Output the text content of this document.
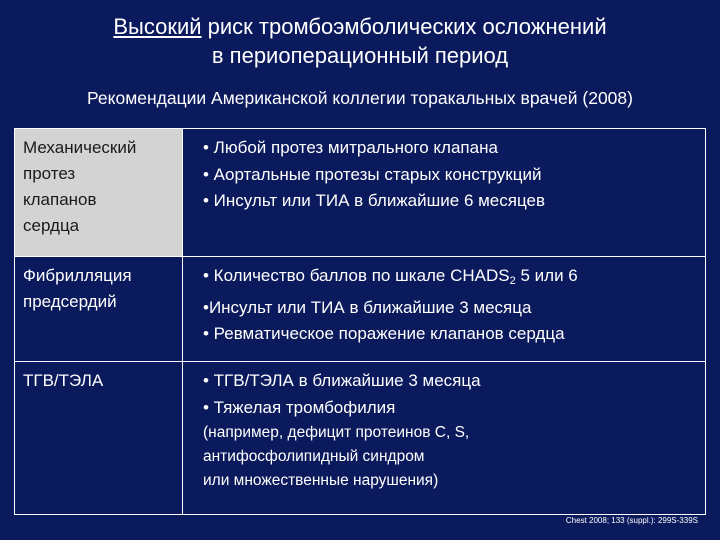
Высокий риск тромбоэмболических осложнений
в периоперационный период
Рекомендации Американской коллегии торакальных врачей (2008)
Механический
протез
клапанов
сердца
• Любой протез митрального клапана
• Аортальные протезы старых конструкций
• Инсульт или ТИА в ближайшие 6 месяцев
Фибрилляция
предсердий
• Количество баллов по шкале $CHADS_2$ 5 или 6
•Инсульт или ТИА в ближайшие 3 месяца
• Ревматическое поражение клапанов сердца
ТГВ/ТЭЛА	• ТГВ/ТЭЛА в ближайшие 3 месяца
• Тяжелая тромбофилия
(например, дефицит протеинов C, S,
антифосфолипидный синдром
или множественные нарушения)
Chest 2008; 133 (suppl.): 299S-339S
